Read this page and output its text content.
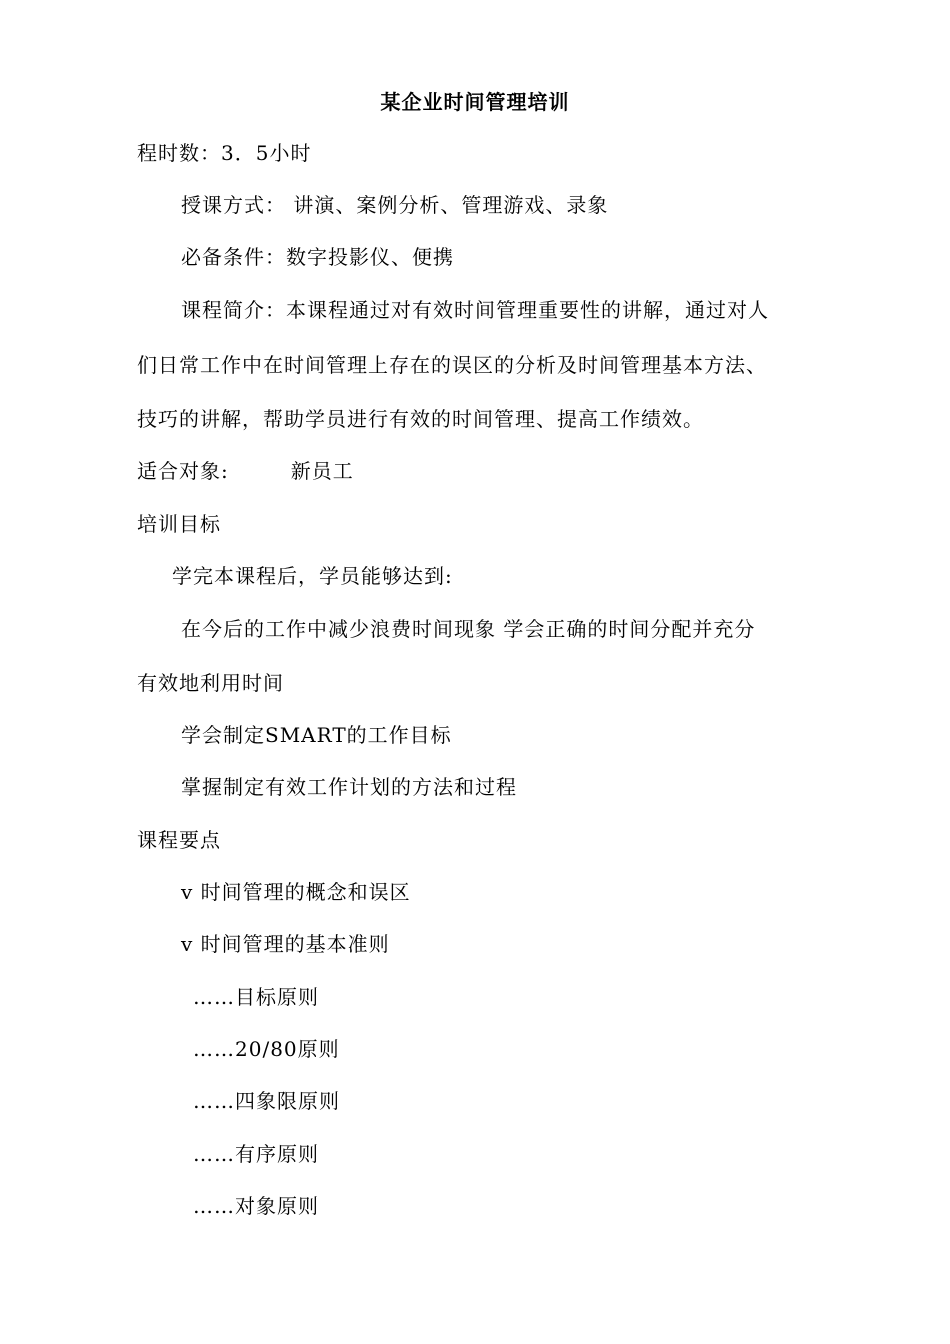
某企业时间管理培训
程时数：3．5小时
授课方式： 讲演、案例分析、管理游戏、录象
必备条件：数字投影仪、便携
课程简介：本课程通过对有效时间管理重要性的讲解，通过对人
们日常工作中在时间管理上存在的误区的分析及时间管理基本方法、
技巧的讲解，帮助学员进行有效的时间管理、提高工作绩效。
适合对象:	新员工
培训目标
学完本课程后，学员能够达到:
在今后的工作中减少浪费时间现象 学会正确的时间分配并充分
有效地利用时间
学会制定SMART的工作目标
掌握制定有效工作计划的方法和过程
课程要点
v 时间管理的概念和误区
v 时间管理的基本准则
……目标原则
……20/80原则
……四象限原则
……有序原则
……对象原则
